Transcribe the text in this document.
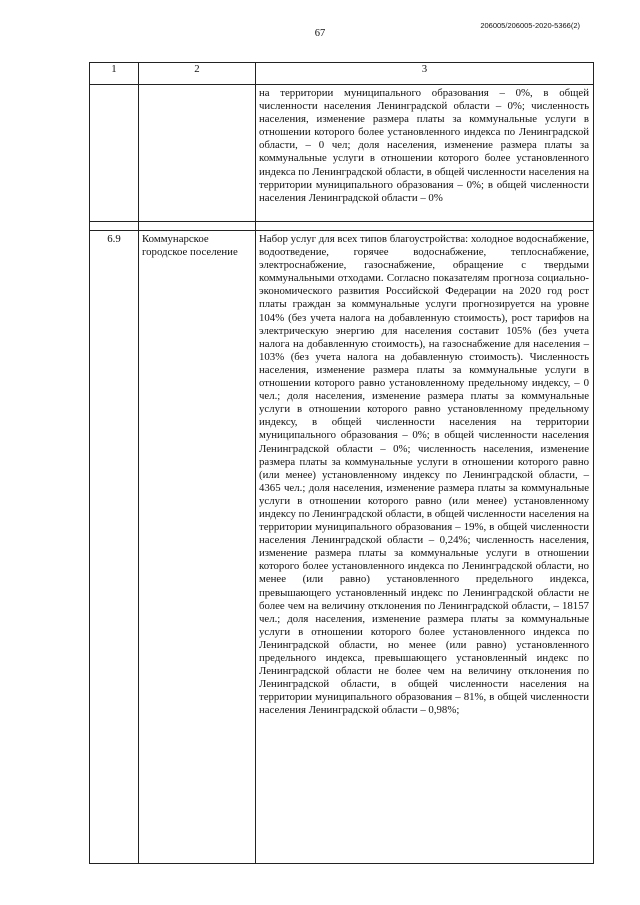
67
206005/206005-2020-5366(2)
1	2	3

		на территории муниципального образования – 0%, в общей численности населения Ленинградской области – 0%; численность населения, изменение размера платы за коммунальные услуги в отношении которого более установленного индекса по Ленинградской области, – 0 чел; доля населения, изменение размера платы за коммунальные услуги в отношении которого более установленного индекса по Ленинградской области, в общей численности населения на территории муниципального образования – 0%; в общей численности населения Ленинградской области – 0%

6.9	Коммунарское городское поселение	Набор услуг для всех типов благоустройства: холодное водоснабжение, водоотведение, горячее водоснабжение, теплоснабжение, электроснабжение, газоснабжение, обращение с твердыми коммунальными отходами. Согласно показателям прогноза социально-экономического развития Российской Федерации на 2020 год рост платы граждан за коммунальные услуги прогнозируется на уровне 104% (без учета налога на добавленную стоимость), рост тарифов на электрическую энергию для населения составит 105% (без учета налога на добавленную стоимость), на газоснабжение для населения – 103% (без учета налога на добавленную стоимость). Численность населения, изменение размера платы за коммунальные услуги в отношении которого равно установленному предельному индексу, – 0 чел.; доля населения, изменение размера платы за коммунальные услуги в отношении которого равно установленному предельному индексу, в общей численности населения на территории муниципального образования – 0%; в общей численности населения Ленинградской области – 0%; численность населения, изменение размера платы за коммунальные услуги в отношении которого равно (или менее) установленному индексу по Ленинградской области, – 4365 чел.; доля населения, изменение размера платы за коммунальные услуги в отношении которого равно (или менее) установленному индексу по Ленинградской области, в общей численности населения на территории муниципального образования – 19%, в общей численности населения Ленинградской области – 0,24%; численность населения, изменение размера платы за коммунальные услуги в отношении которого более установленного индекса по Ленинградской области, но менее (или равно) установленного предельного индекса, превышающего установленный индекс по Ленинградской области не более чем на величину отклонения по Ленинградской области, – 18157 чел.; доля населения, изменение размера платы за коммунальные услуги в отношении которого более установленного индекса по Ленинградской области, но менее (или равно) установленного предельного индекса, превышающего установленный индекс по Ленинградской области не более чем на величину отклонения по Ленинградской области, в общей численности населения на территории муниципального образования – 81%, в общей численности населения Ленинградской области – 0,98%;
